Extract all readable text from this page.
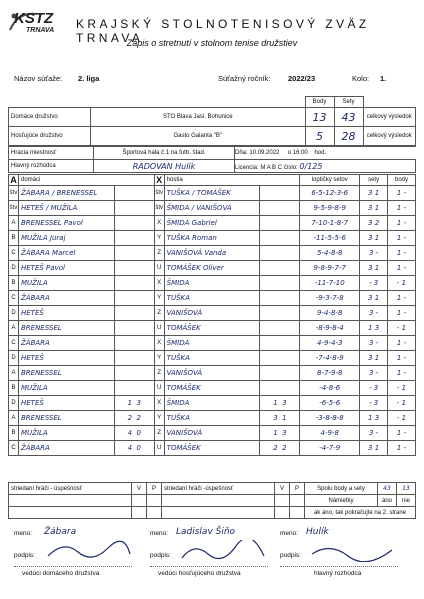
KSTZ
TRNAVA KRAJSKÝ STOLNOTENISOVÝ ZVÄZ TRNAVA
Zápis o stretnutí v stolnom tenise družstiev
Názov súťaže: 2. liga	Súťažný ročník: 2022/23	Kolo: 1.
		Body	Sety	
Domáce družstvo	STO Blava Jasl. Bohunice	13	43	celkový výsledok
Hosťujúce družstvo	Gasto Galanta "B"	5	28	celkový výsledok
Hracia miestnosť	Športová hala č.1 na futb. štad.	Dňa: 10.09.2022 o 16:00 hod.
Hlavný rozhodca	RADOVAN Hulík	Licencia: M A B C číslo: 0/125
A	domáci		X	hostia		loptičky setov	sety	body
štv	ŽÁBARA / BRENESSEL		štv	TUŠKA / TOMÁŠEK		6-5-12-3-6	3 1	1 -
štv	HETEŠ / MUŽILA		štv	ŠMIDA / VANIŠOVÁ		9-5-9-8-9	3 1	1 -
A	BRENESSEL Pavol		X	ŠMIDA Gabriel		7-10-1-8-7	3 2	1 -
B	MUŽILA Juraj		Y	TUŠKA Roman		-11-5-5-6	3 1	1 -
C	ŽÁBARA Marcel		Z	VANIŠOVÁ Vanda		5-4-8-8	3 -	1 -
D	HETEŠ Pavol		U	TOMÁŠEK Oliver		9-8-9-7-7	3 1	1 -
B	MUŽILA		X	ŠMIDA		-11-7-10	- 3	- 1
C	ŽÁBARA		Y	TUŠKA		-9-3-7-8	3 1	1 -
D	HETEŠ		Z	VANIŠOVÁ		9-4-8-8	3 -	1 -
A	BRENESSEL		U	TOMÁŠEK		-8-9-8-4	1 3	- 1
C	ŽÁBARA		X	ŠMIDA		4-9-4-3	3 -	1 -
D	HETEŠ		Y	TUŠKA		-7-4-8-9	3 1	1 -
A	BRENESSEL		Z	VANIŠOVÁ		8-7-9-8	3 -	1 -
B	MUŽILA		U	TOMÁŠEK		-4-8-6	- 3	- 1
D	HETEŠ	1 3	X	ŠMIDA	1 3	-6-5-6	- 3	- 1
A	BRENESSEL	2 2	Y	TUŠKA	3 1	-3-8-8-8	1 3	- 1
B	MUŽILA	4 0	Z	VANIŠOVÁ	1 3	4-9-8	3 -	1 -
C	ŽÁBARA	4 0	U	TOMÁŠEK	2 2	-4-7-9	3 1	1 -
striedaní hráči - úspešnosť	V	P	striedaní hráči -úspešnosť	V	P	Spolu body a sety	43	13
						Námietky	áno	nie
						ak áno, tak pokračujte na 2. strane		
meno: Žábara	meno: Ladislav Šiňo	meno: Hulík
podpis:	podpis:	podpis:
vedúci domáceho družstva	vedúci hosťujúceho družstva	hlavný rozhodca
